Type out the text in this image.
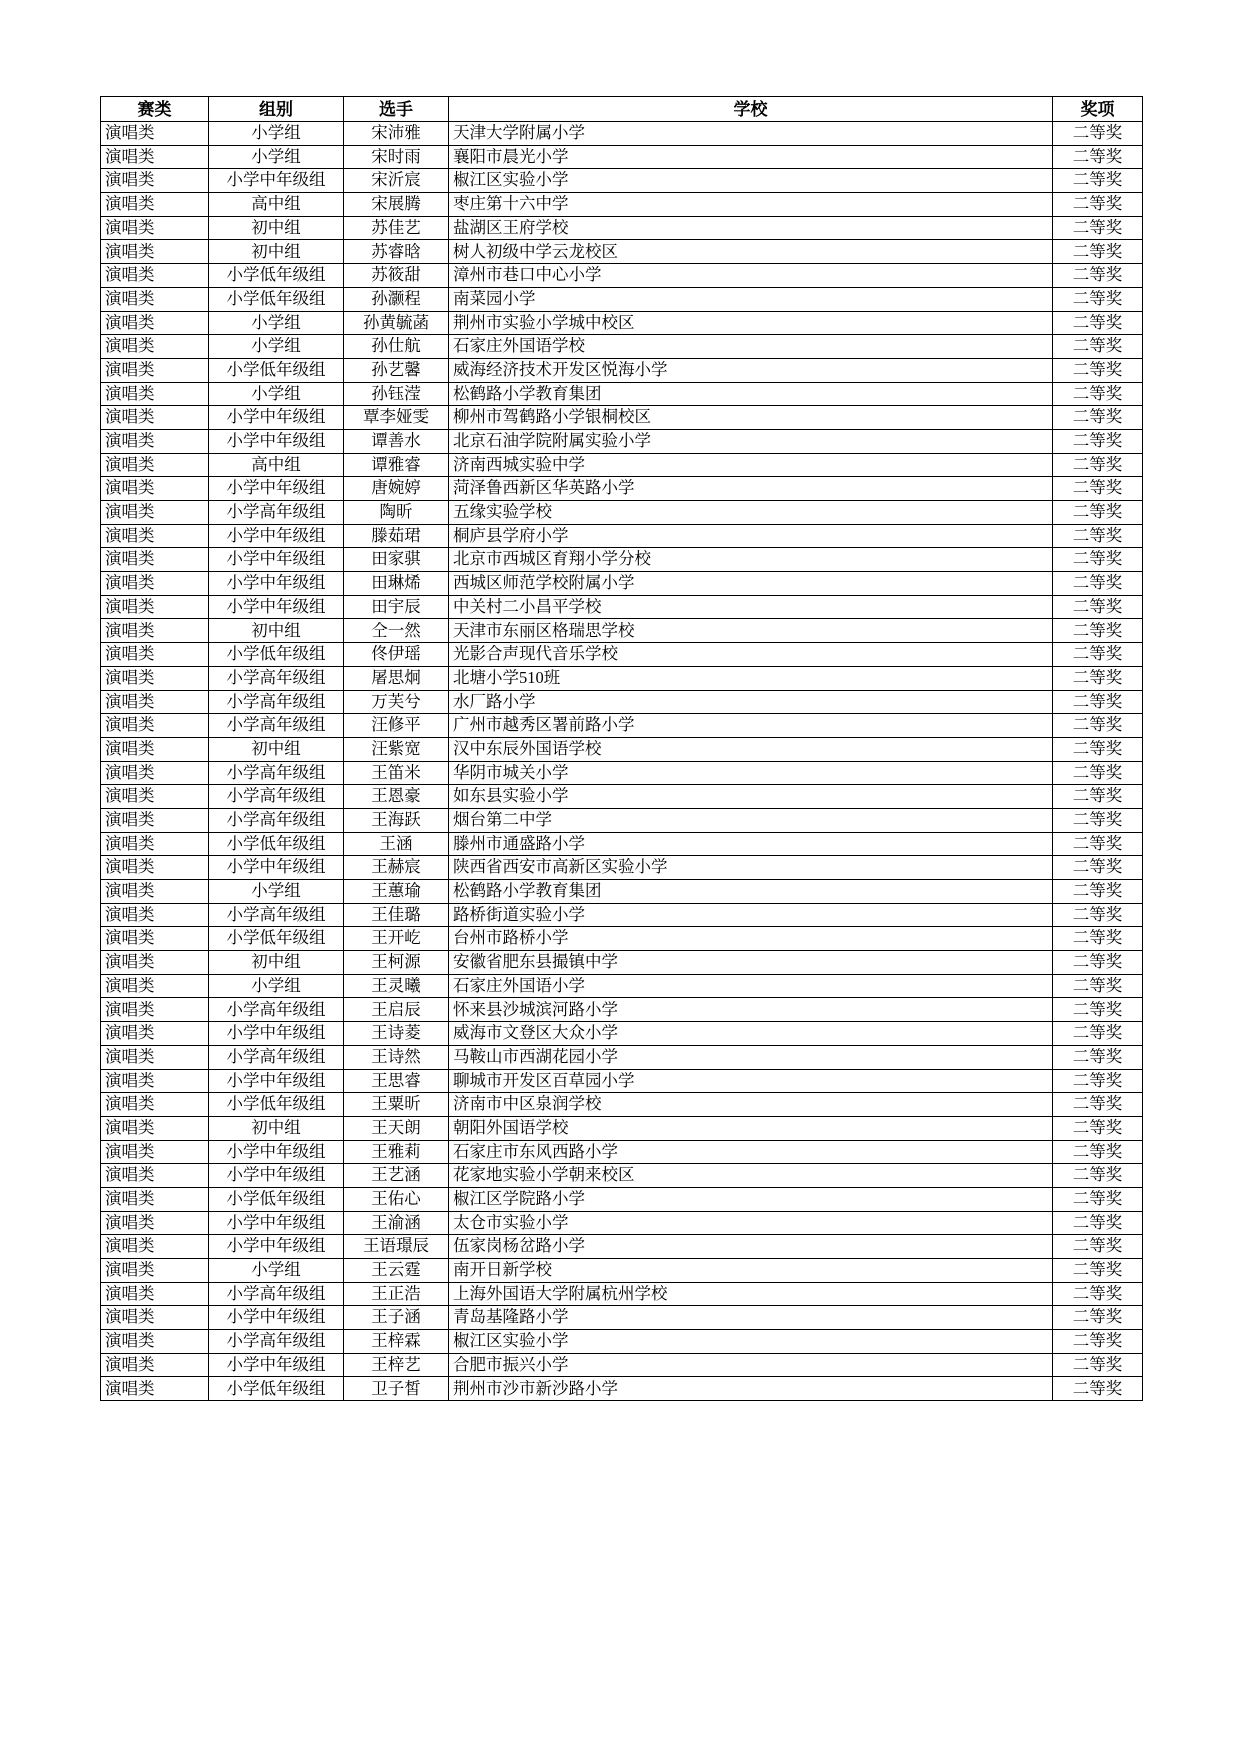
赛类	组别	选手	学校	奖项
演唱类	小学组	宋沛雅	天津大学附属小学	二等奖
演唱类	小学组	宋时雨	襄阳市晨光小学	二等奖
演唱类	小学中年级组	宋沂宸	椒江区实验小学	二等奖
演唱类	高中组	宋展腾	枣庄第十六中学	二等奖
演唱类	初中组	苏佳艺	盐湖区王府学校	二等奖
演唱类	初中组	苏睿晗	树人初级中学云龙校区	二等奖
演唱类	小学低年级组	苏筱甜	漳州市巷口中心小学	二等奖
演唱类	小学低年级组	孙灏程	南菜园小学	二等奖
演唱类	小学组	孙黄毓菡	荆州市实验小学城中校区	二等奖
演唱类	小学组	孙仕航	石家庄外国语学校	二等奖
演唱类	小学低年级组	孙艺馨	威海经济技术开发区悦海小学	二等奖
演唱类	小学组	孙钰滢	松鹤路小学教育集团	二等奖
演唱类	小学中年级组	覃李娅雯	柳州市驾鹤路小学银桐校区	二等奖
演唱类	小学中年级组	谭善水	北京石油学院附属实验小学	二等奖
演唱类	高中组	谭雅睿	济南西城实验中学	二等奖
演唱类	小学中年级组	唐婉婷	菏泽鲁西新区华英路小学	二等奖
演唱类	小学高年级组	陶昕	五缘实验学校	二等奖
演唱类	小学中年级组	滕茹珺	桐庐县学府小学	二等奖
演唱类	小学中年级组	田家骐	北京市西城区育翔小学分校	二等奖
演唱类	小学中年级组	田琳烯	西城区师范学校附属小学	二等奖
演唱类	小学中年级组	田宇辰	中关村二小昌平学校	二等奖
演唱类	初中组	仝一然	天津市东丽区格瑞思学校	二等奖
演唱类	小学低年级组	佟伊瑶	光影合声现代音乐学校	二等奖
演唱类	小学高年级组	屠思炯	北塘小学510班	二等奖
演唱类	小学高年级组	万芙兮	水厂路小学	二等奖
演唱类	小学高年级组	汪修平	广州市越秀区署前路小学	二等奖
演唱类	初中组	汪紫宽	汉中东辰外国语学校	二等奖
演唱类	小学高年级组	王笛米	华阴市城关小学	二等奖
演唱类	小学高年级组	王恩豪	如东县实验小学	二等奖
演唱类	小学高年级组	王海跃	烟台第二中学	二等奖
演唱类	小学低年级组	王涵	滕州市通盛路小学	二等奖
演唱类	小学中年级组	王赫宸	陕西省西安市高新区实验小学	二等奖
演唱类	小学组	王蕙瑜	松鹤路小学教育集团	二等奖
演唱类	小学高年级组	王佳璐	路桥街道实验小学	二等奖
演唱类	小学低年级组	王开屹	台州市路桥小学	二等奖
演唱类	初中组	王柯源	安徽省肥东县撮镇中学	二等奖
演唱类	小学组	王灵曦	石家庄外国语小学	二等奖
演唱类	小学高年级组	王启辰	怀来县沙城滨河路小学	二等奖
演唱类	小学中年级组	王诗菱	威海市文登区大众小学	二等奖
演唱类	小学高年级组	王诗然	马鞍山市西湖花园小学	二等奖
演唱类	小学中年级组	王思睿	聊城市开发区百草园小学	二等奖
演唱类	小学低年级组	王粟昕	济南市中区泉润学校	二等奖
演唱类	初中组	王天朗	朝阳外国语学校	二等奖
演唱类	小学中年级组	王雅莉	石家庄市东风西路小学	二等奖
演唱类	小学中年级组	王艺涵	花家地实验小学朝来校区	二等奖
演唱类	小学低年级组	王佑心	椒江区学院路小学	二等奖
演唱类	小学中年级组	王渝涵	太仓市实验小学	二等奖
演唱类	小学中年级组	王语璟辰	伍家岗杨岔路小学	二等奖
演唱类	小学组	王云霆	南开日新学校	二等奖
演唱类	小学高年级组	王正浩	上海外国语大学附属杭州学校	二等奖
演唱类	小学中年级组	王子涵	青岛基隆路小学	二等奖
演唱类	小学高年级组	王梓霖	椒江区实验小学	二等奖
演唱类	小学中年级组	王梓艺	合肥市振兴小学	二等奖
演唱类	小学低年级组	卫子皙	荆州市沙市新沙路小学	二等奖
